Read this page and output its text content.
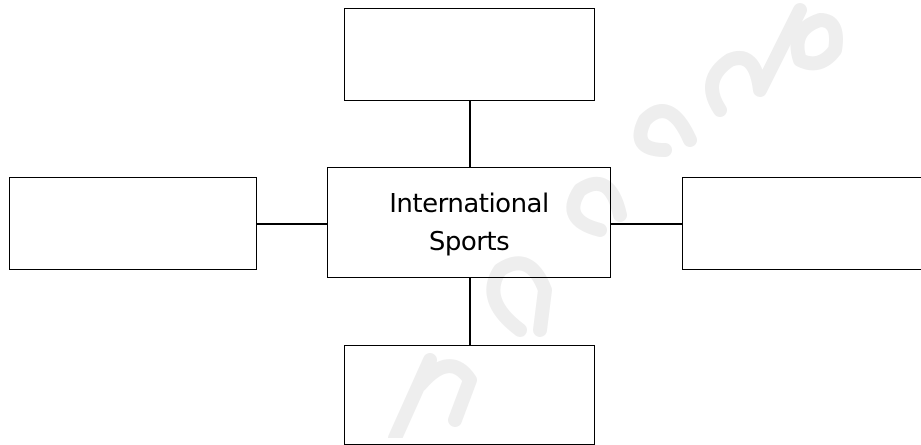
International
Sports
